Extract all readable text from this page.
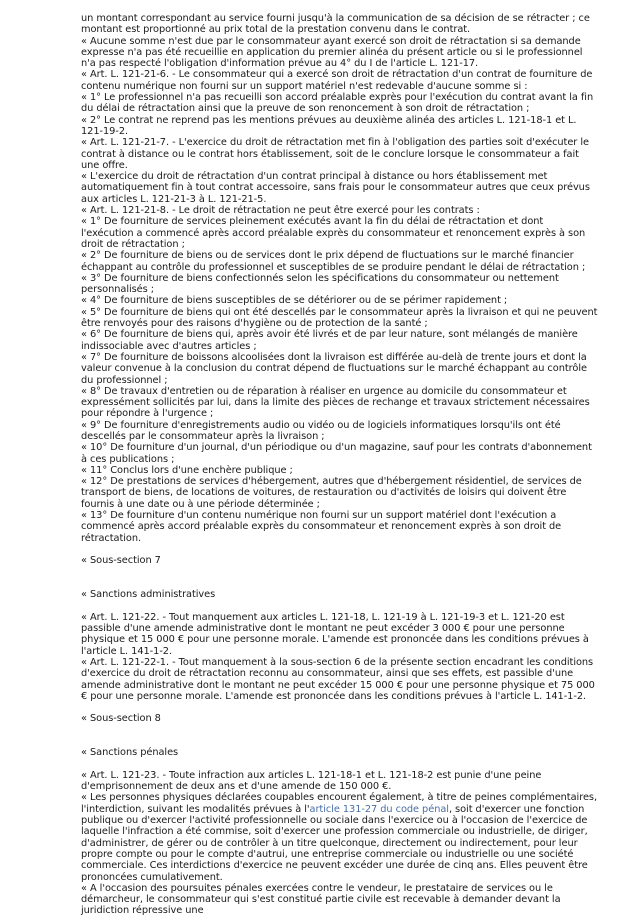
un montant correspondant au service fourni jusqu'à la communication de sa décision de se rétracter ; ce montant est proportionné au prix total de la prestation convenu dans le contrat.

« Aucune somme n'est due par le consommateur ayant exercé son droit de rétractation si sa demande expresse n'a pas été recueillie en application du premier alinéa du présent article ou si le professionnel n'a pas respecté l'obligation d'information prévue au 4° du I de l'article L. 121-17.

« Art. L. 121-21-6. - Le consommateur qui a exercé son droit de rétractation d'un contrat de fourniture de contenu numérique non fourni sur un support matériel n'est redevable d'aucune somme si :

« 1° Le professionnel n'a pas recueilli son accord préalable exprès pour l'exécution du contrat avant la fin du délai de rétractation ainsi que la preuve de son renoncement à son droit de rétractation ;

« 2° Le contrat ne reprend pas les mentions prévues au deuxième alinéa des articles L. 121-18-1 et L. 121-19-2.

« Art. L. 121-21-7. - L'exercice du droit de rétractation met fin à l'obligation des parties soit d'exécuter le contrat à distance ou le contrat hors établissement, soit de le conclure lorsque le consommateur a fait une offre.

« L'exercice du droit de rétractation d'un contrat principal à distance ou hors établissement met automatiquement fin à tout contrat accessoire, sans frais pour le consommateur autres que ceux prévus aux articles L. 121-21-3 à L. 121-21-5.

« Art. L. 121-21-8. - Le droit de rétractation ne peut être exercé pour les contrats :

« 1° De fourniture de services pleinement exécutés avant la fin du délai de rétractation et dont l'exécution a commencé après accord préalable exprès du consommateur et renoncement exprès à son droit de rétractation ;

« 2° De fourniture de biens ou de services dont le prix dépend de fluctuations sur le marché financier échappant au contrôle du professionnel et susceptibles de se produire pendant le délai de rétractation ;

« 3° De fourniture de biens confectionnés selon les spécifications du consommateur ou nettement personnalisés ;

« 4° De fourniture de biens susceptibles de se détériorer ou de se périmer rapidement ;

« 5° De fourniture de biens qui ont été descellés par le consommateur après la livraison et qui ne peuvent être renvoyés pour des raisons d'hygiène ou de protection de la santé ;

« 6° De fourniture de biens qui, après avoir été livrés et de par leur nature, sont mélangés de manière indissociable avec d'autres articles ;

« 7° De fourniture de boissons alcoolisées dont la livraison est différée au-delà de trente jours et dont la valeur convenue à la conclusion du contrat dépend de fluctuations sur le marché échappant au contrôle du professionnel ;

« 8° De travaux d'entretien ou de réparation à réaliser en urgence au domicile du consommateur et expressément sollicités par lui, dans la limite des pièces de rechange et travaux strictement nécessaires pour répondre à l'urgence ;

« 9° De fourniture d'enregistrements audio ou vidéo ou de logiciels informatiques lorsqu'ils ont été descellés par le consommateur après la livraison ;

« 10° De fourniture d'un journal, d'un périodique ou d'un magazine, sauf pour les contrats d'abonnement à ces publications ;

« 11° Conclus lors d'une enchère publique ;

« 12° De prestations de services d'hébergement, autres que d'hébergement résidentiel, de services de transport de biens, de locations de voitures, de restauration ou d'activités de loisirs qui doivent être fournis à une date ou à une période déterminée ;

« 13° De fourniture d'un contenu numérique non fourni sur un support matériel dont l'exécution a commencé après accord préalable exprès du consommateur et renoncement exprès à son droit de rétractation.

« Sous-section 7

« Sanctions administratives

« Art. L. 121-22. - Tout manquement aux articles L. 121-18, L. 121-19 à L. 121-19-3 et L. 121-20 est passible d'une amende administrative dont le montant ne peut excéder 3 000 € pour une personne physique et 15 000 € pour une personne morale. L'amende est prononcée dans les conditions prévues à l'article L. 141-1-2.

« Art. L. 121-22-1. - Tout manquement à la sous-section 6 de la présente section encadrant les conditions d'exercice du droit de rétractation reconnu au consommateur, ainsi que ses effets, est passible d'une amende administrative dont le montant ne peut excéder 15 000 € pour une personne physique et 75 000 € pour une personne morale. L'amende est prononcée dans les conditions prévues à l'article L. 141-1-2.

« Sous-section 8

« Sanctions pénales

« Art. L. 121-23. - Toute infraction aux articles L. 121-18-1 et L. 121-18-2 est punie d'une peine d'emprisonnement de deux ans et d'une amende de 150 000 €.

« Les personnes physiques déclarées coupables encourent également, à titre de peines complémentaires, l'interdiction, suivant les modalités prévues à l'article 131-27 du code pénal, soit d'exercer une fonction publique ou d'exercer l'activité professionnelle ou sociale dans l'exercice ou à l'occasion de l'exercice de laquelle l'infraction a été commise, soit d'exercer une profession commerciale ou industrielle, de diriger, d'administrer, de gérer ou de contrôler à un titre quelconque, directement ou indirectement, pour leur propre compte ou pour le compte d'autrui, une entreprise commerciale ou industrielle ou une société commerciale. Ces interdictions d'exercice ne peuvent excéder une durée de cinq ans. Elles peuvent être prononcées cumulativement.

« A l'occasion des poursuites pénales exercées contre le vendeur, le prestataire de services ou le démarcheur, le consommateur qui s'est constitué partie civile est recevable à demander devant la juridiction répressive une
